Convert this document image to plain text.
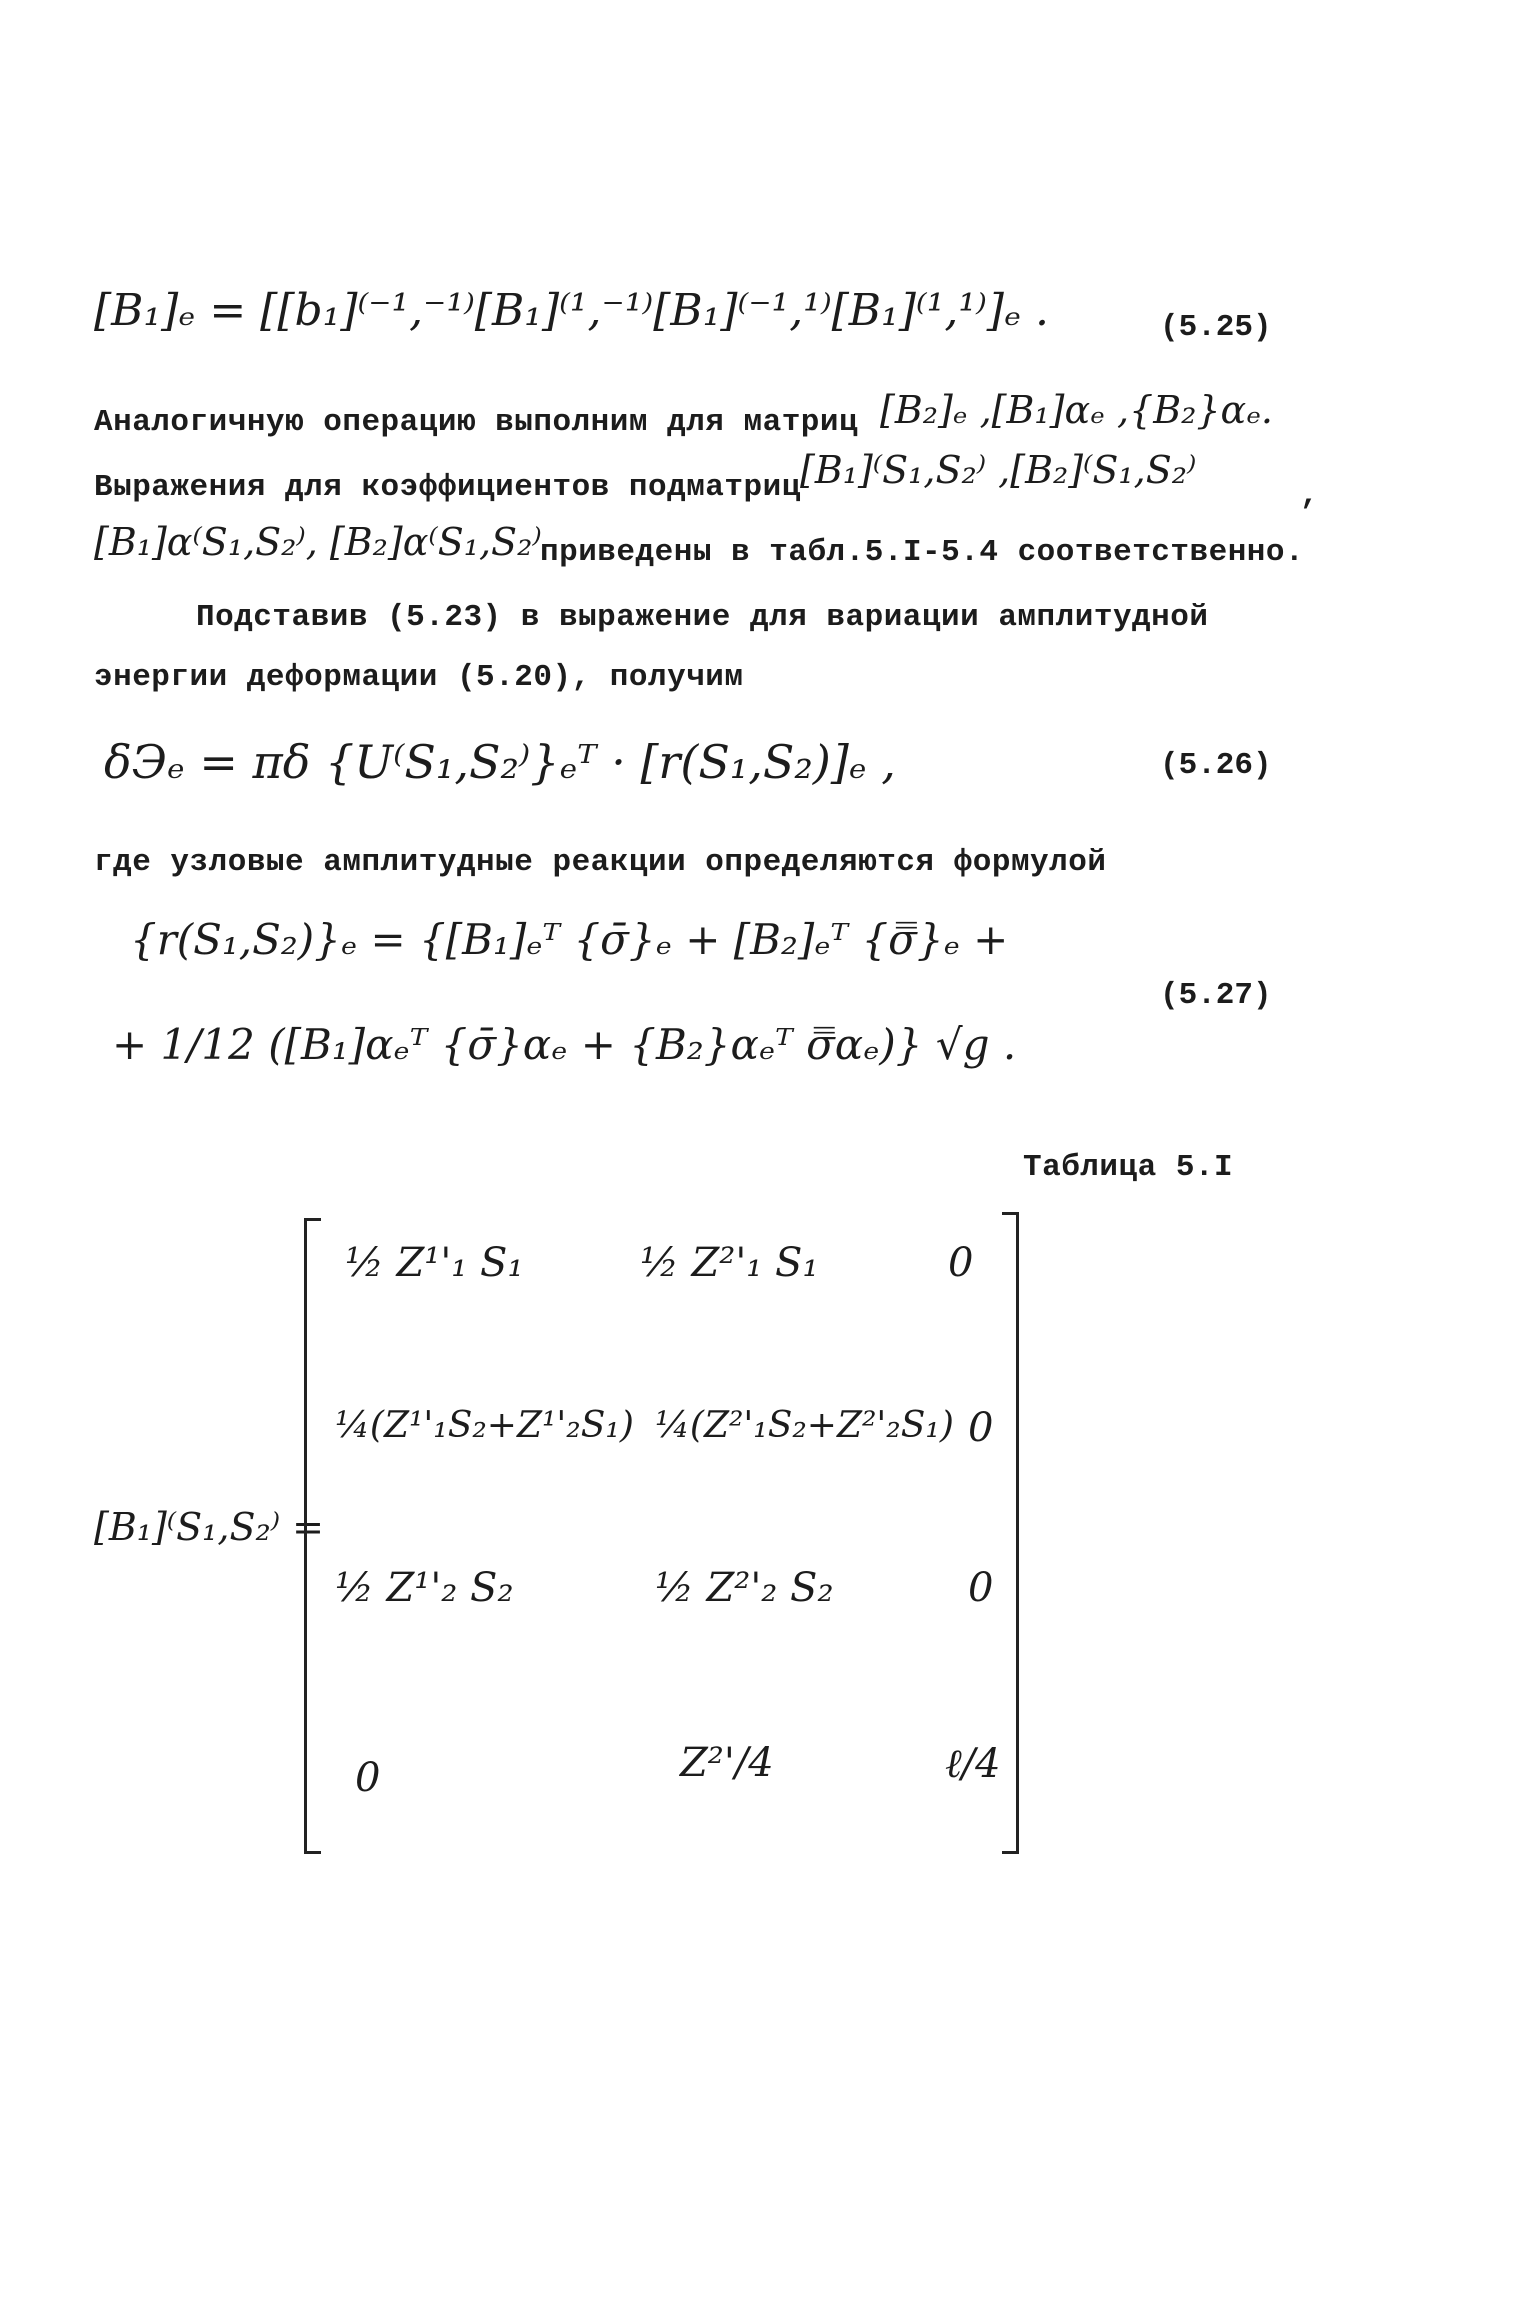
[B₁]ₑ = [[b₁]⁽⁻¹,⁻¹⁾[B₁]⁽¹,⁻¹⁾[B₁]⁽⁻¹,¹⁾[B₁]⁽¹,¹⁾]ₑ .	(5.25)
Аналогичную операцию выполним для матриц [B₂]ₑ ,[B₁]αₑ ,{B₂}αₑ.
Выражения для коэффициентов подматриц [B₁]⁽S₁,S₂⁾ ,[B₂]⁽S₁,S₂⁾
,
[B₁]α⁽S₁,S₂⁾, [B₂]α⁽S₁,S₂⁾
приведены в табл.5.I-5.4 соответственно.
Подставив (5.23) в выражение для вариации амплитудной
энергии деформации (5.20), получим
δЭₑ = πδ {U⁽S₁,S₂⁾}ₑᵀ · [r(S₁,S₂)]ₑ ,	(5.26)
где узловые амплитудные реакции определяются формулой
{r(S₁,S₂)}ₑ = {[B₁]ₑᵀ {σ̄}ₑ + [B₂]ₑᵀ {σ̿}ₑ +
+ 1/12 ([B₁]αₑᵀ {σ̄}αₑ + {B₂}αₑᵀ σ̿αₑ)} √g .
(5.27)
Таблица 5.I
[B₁]⁽S₁,S₂⁾ =
½ Z¹'₁ S₁	½ Z²'₁ S₁	0
¼(Z¹'₁S₂+Z¹'₂S₁) ¼(Z²'₁S₂+Z²'₂S₁) 0
½ Z¹'₂ S₂	½ Z²'₂ S₂	0
0	Z²'/4	ℓ/4
